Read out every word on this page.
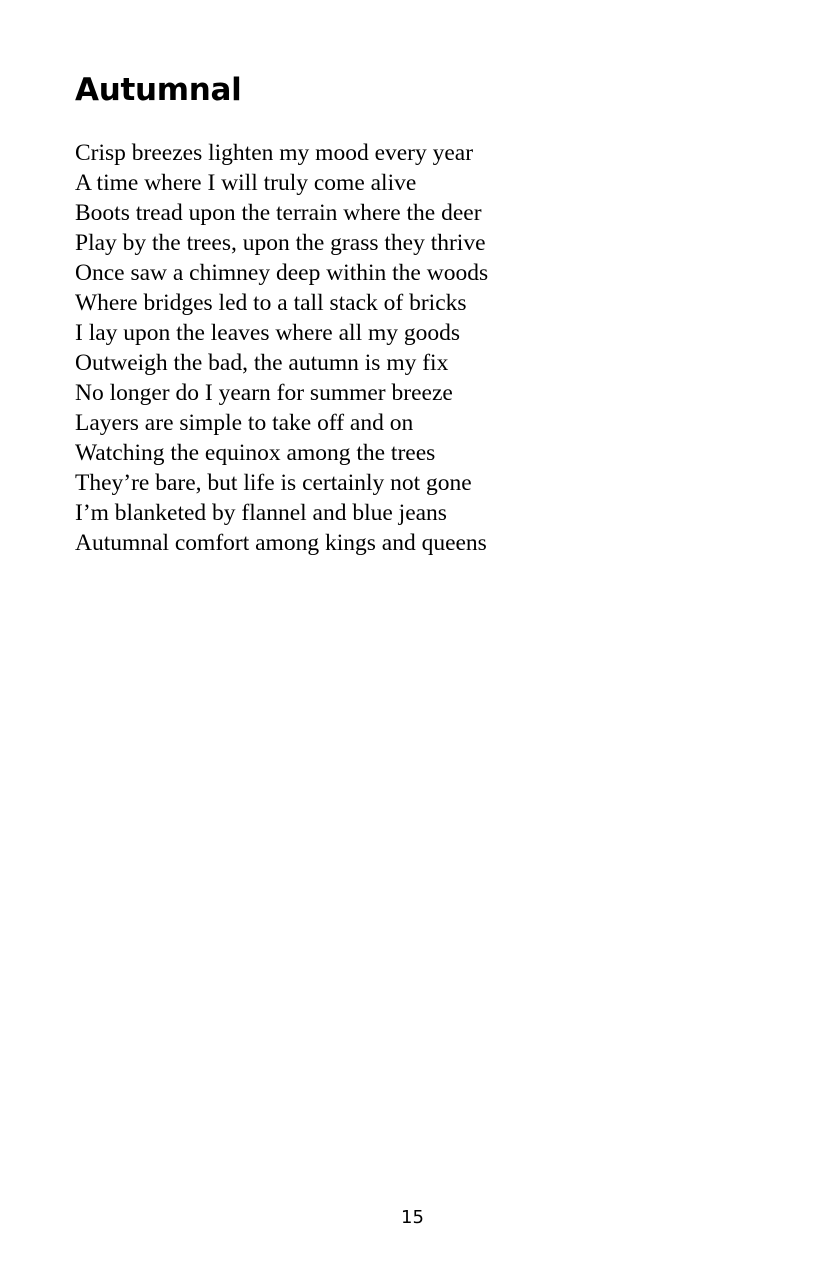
Autumnal
Crisp breezes lighten my mood every year
A time where I will truly come alive
Boots tread upon the terrain where the deer
Play by the trees, upon the grass they thrive
Once saw a chimney deep within the woods
Where bridges led to a tall stack of bricks
I lay upon the leaves where all my goods
Outweigh the bad, the autumn is my fix
No longer do I yearn for summer breeze
Layers are simple to take off and on
Watching the equinox among the trees
They’re bare, but life is certainly not gone
I’m blanketed by flannel and blue jeans
Autumnal comfort among kings and queens
15
